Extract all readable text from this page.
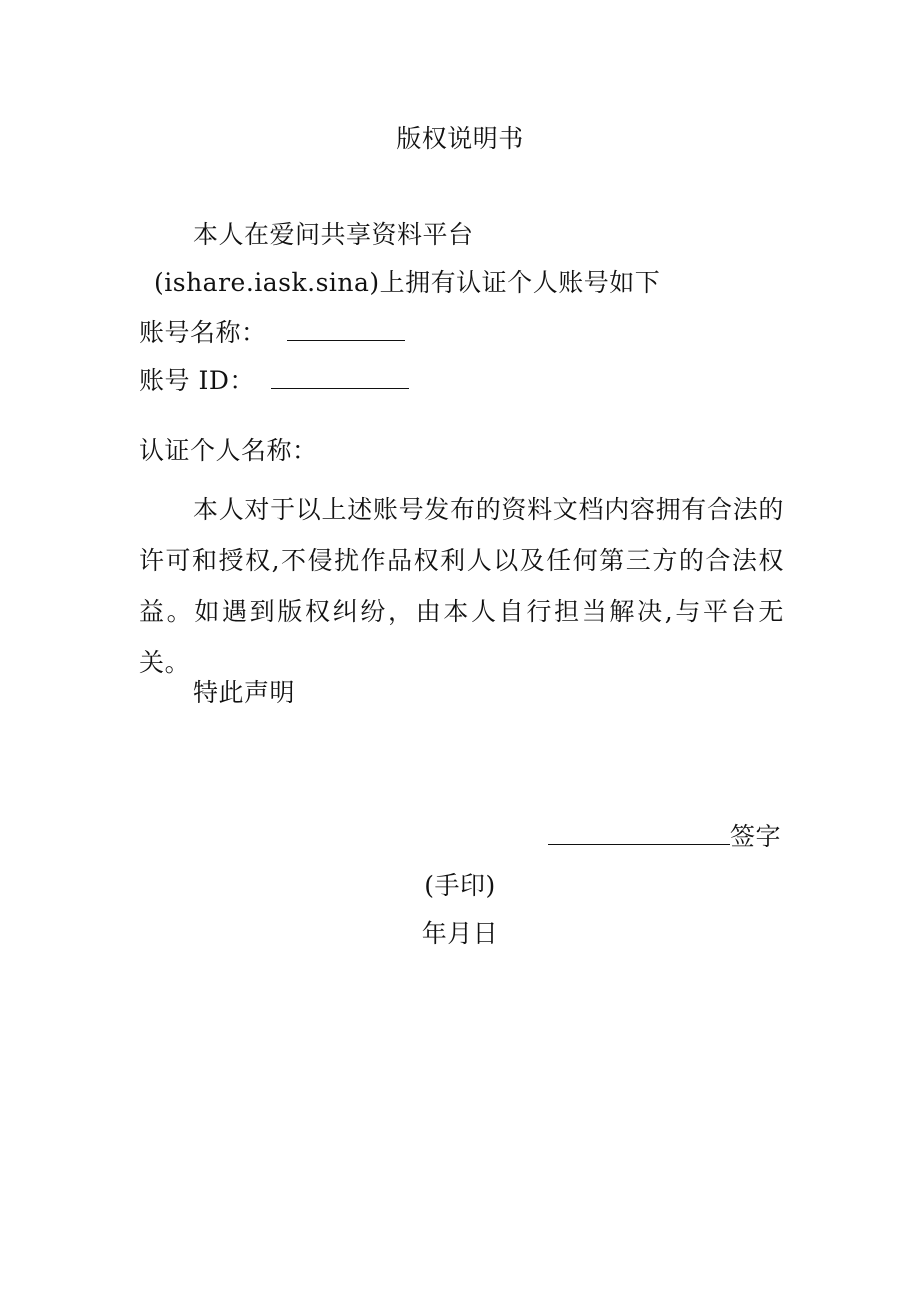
版权说明书
本人在爱问共享资料平台
(ishare.iask.sina)上拥有认证个人账号如下
账号名称：
账号 ID：
认证个人名称：
本人对于以上述账号发布的资料文档内容拥有合法的许可和授权,不侵扰作品权利人以及任何第三方的合法权益。如遇到版权纠纷，由本人自行担当解决,与平台无关。
特此声明
签字
(手印)
年月日
